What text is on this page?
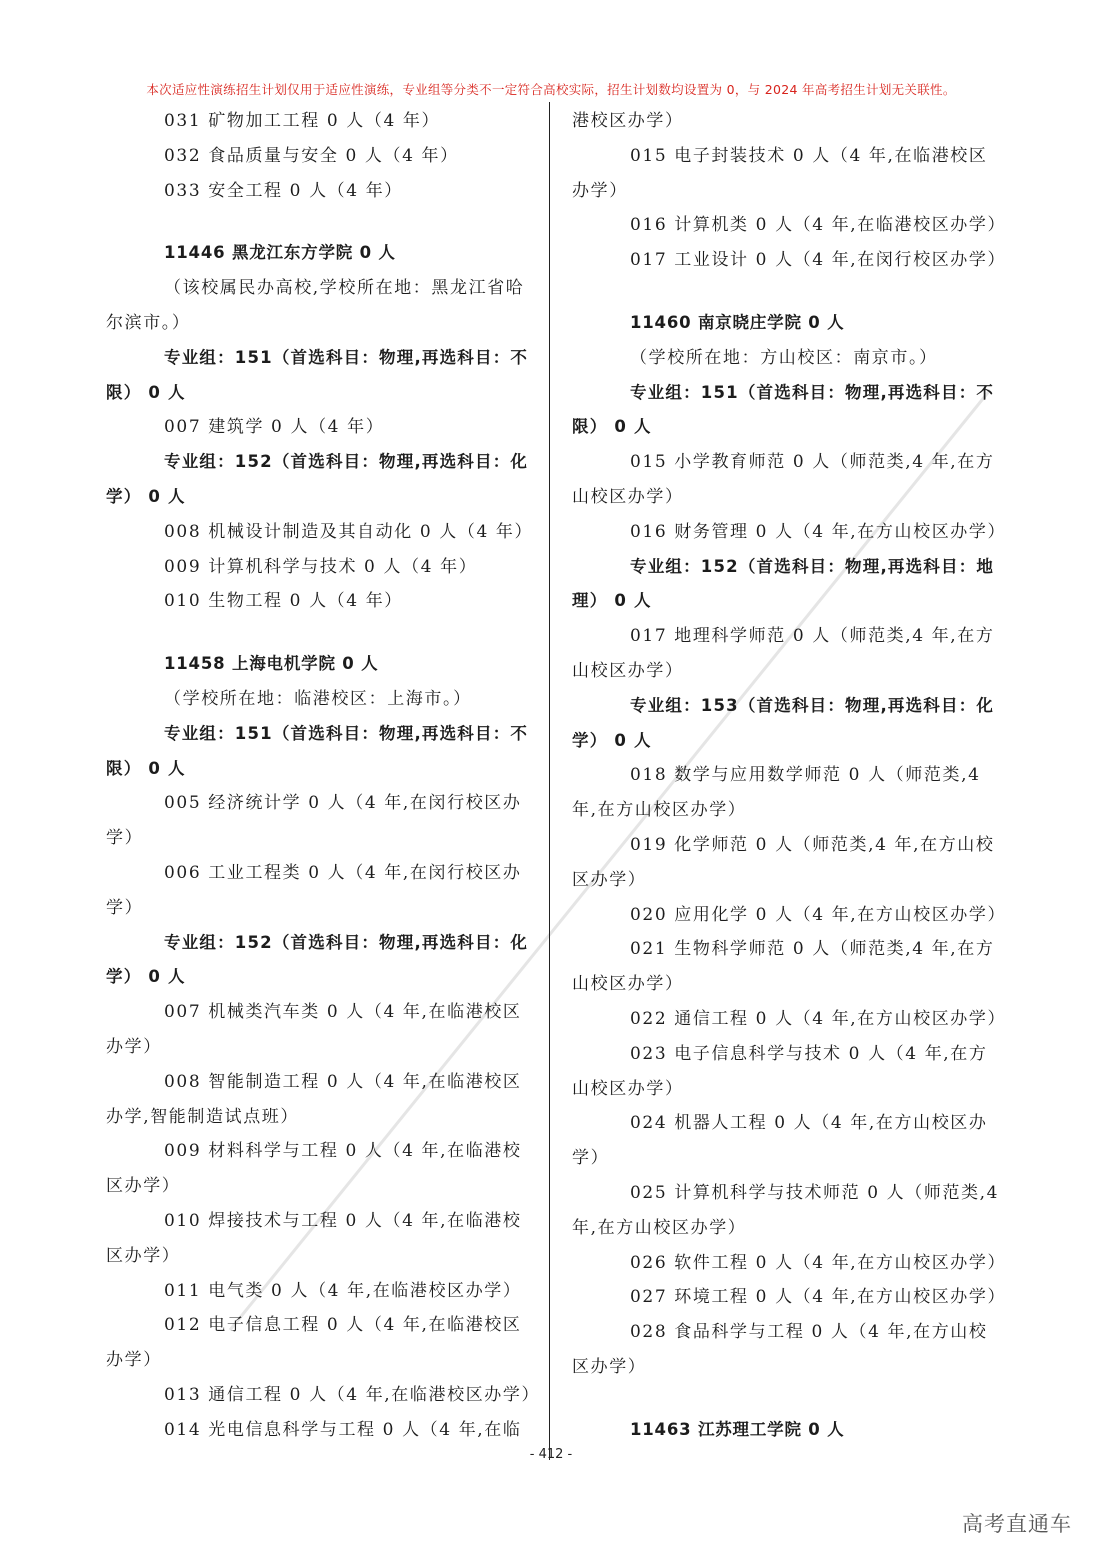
本次适应性演练招生计划仅用于适应性演练，专业组等分类不一定符合高校实际，招生计划数均设置为 0，与 2024 年高考招生计划无关联性。

031 矿物加工工程 0 人（4 年）

032 食品质量与安全 0 人（4 年）

033 安全工程 0 人（4 年）

11446 黑龙江东方学院 0 人

（该校属民办高校,学校所在地：黑龙江省哈尔滨市。）

专业组：151（首选科目：物理,再选科目：不限） 0 人

007 建筑学 0 人（4 年）

专业组：152（首选科目：物理,再选科目：化学） 0 人

008 机械设计制造及其自动化 0 人（4 年）

009 计算机科学与技术 0 人（4 年）

010 生物工程 0 人（4 年）

11458 上海电机学院 0 人

（学校所在地：临港校区：上海市。）

专业组：151（首选科目：物理,再选科目：不限） 0 人

005 经济统计学 0 人（4 年,在闵行校区办学）

006 工业工程类 0 人（4 年,在闵行校区办学）

专业组：152（首选科目：物理,再选科目：化学） 0 人

007 机械类汽车类 0 人（4 年,在临港校区办学）

008 智能制造工程 0 人（4 年,在临港校区办学,智能制造试点班）

009 材料科学与工程 0 人（4 年,在临港校区办学）

010 焊接技术与工程 0 人（4 年,在临港校区办学）

011 电气类 0 人（4 年,在临港校区办学）

012 电子信息工程 0 人（4 年,在临港校区办学）

013 通信工程 0 人（4 年,在临港校区办学）

014 光电信息科学与工程 0 人（4 年,在临

港校区办学）

015 电子封装技术 0 人（4 年,在临港校区办学）

016 计算机类 0 人（4 年,在临港校区办学）

017 工业设计 0 人（4 年,在闵行校区办学）

11460 南京晓庄学院 0 人

（学校所在地：方山校区：南京市。）

专业组：151（首选科目：物理,再选科目：不限） 0 人

015 小学教育师范 0 人（师范类,4 年,在方山校区办学）

016 财务管理 0 人（4 年,在方山校区办学）

专业组：152（首选科目：物理,再选科目：地理） 0 人

017 地理科学师范 0 人（师范类,4 年,在方山校区办学）

专业组：153（首选科目：物理,再选科目：化学） 0 人

018 数学与应用数学师范 0 人（师范类,4 年,在方山校区办学）

019 化学师范 0 人（师范类,4 年,在方山校区办学）

020 应用化学 0 人（4 年,在方山校区办学）

021 生物科学师范 0 人（师范类,4 年,在方山校区办学）

022 通信工程 0 人（4 年,在方山校区办学）

023 电子信息科学与技术 0 人（4 年,在方山校区办学）

024 机器人工程 0 人（4 年,在方山校区办学）

025 计算机科学与技术师范 0 人（师范类,4 年,在方山校区办学）

026 软件工程 0 人（4 年,在方山校区办学）

027 环境工程 0 人（4 年,在方山校区办学）

028 食品科学与工程 0 人（4 年,在方山校区办学）

11463 江苏理工学院 0 人

- 412 -
高考直通车
